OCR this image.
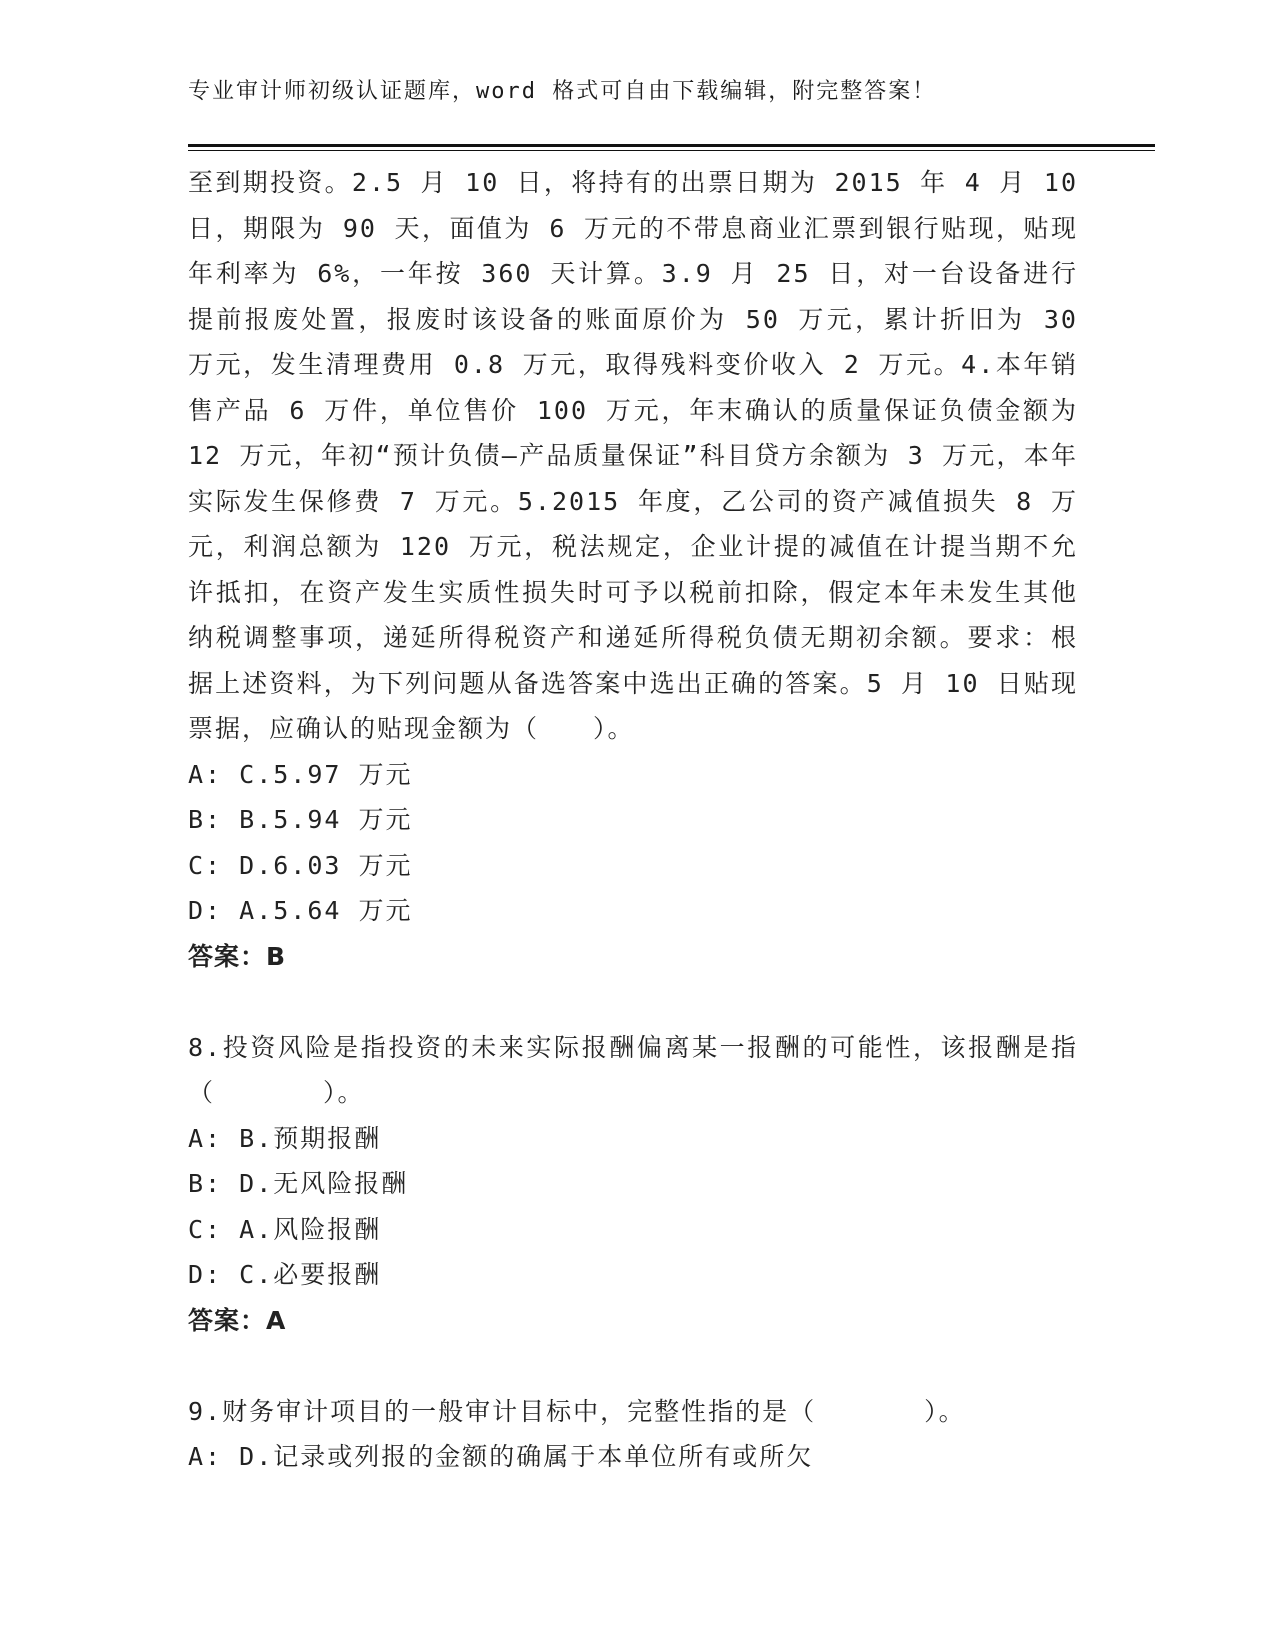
专业审计师初级认证题库，word 格式可自由下载编辑，附完整答案！

至到期投资。2.5 月 10 日，将持有的出票日期为 2015 年 4 月 10 日，期限为 90 天，面值为 6 万元的不带息商业汇票到银行贴现，贴现年利率为 6%，一年按 360 天计算。3.9 月 25 日，对一台设备进行提前报废处置，报废时该设备的账面原价为 50 万元，累计折旧为 30 万元，发生清理费用 0.8 万元，取得残料变价收入 2 万元。4.本年销售产品 6 万件，单位售价 100 万元，年末确认的质量保证负债金额为 12 万元，年初“预计负债—产品质量保证”科目贷方余额为 3 万元，本年实际发生保修费 7 万元。5.2015 年度，乙公司的资产减值损失 8 万元，利润总额为 120 万元，税法规定，企业计提的减值在计提当期不允许抵扣，在资产发生实质性损失时可予以税前扣除，假定本年未发生其他纳税调整事项，递延所得税资产和递延所得税负债无期初余额。要求：根据上述资料，为下列问题从备选答案中选出正确的答案。5 月 10 日贴现票据，应确认的贴现金额为（　　）。

A: C.5.97 万元

B: B.5.94 万元

C: D.6.03 万元

D: A.5.64 万元

答案：B

8.投资风险是指投资的未来实际报酬偏离某一报酬的可能性，该报酬是指（　　　　）。

A: B.预期报酬

B: D.无风险报酬

C: A.风险报酬

D: C.必要报酬

答案：A

9.财务审计项目的一般审计目标中，完整性指的是（　　　　）。

A: D.记录或列报的金额的确属于本单位所有或所欠
